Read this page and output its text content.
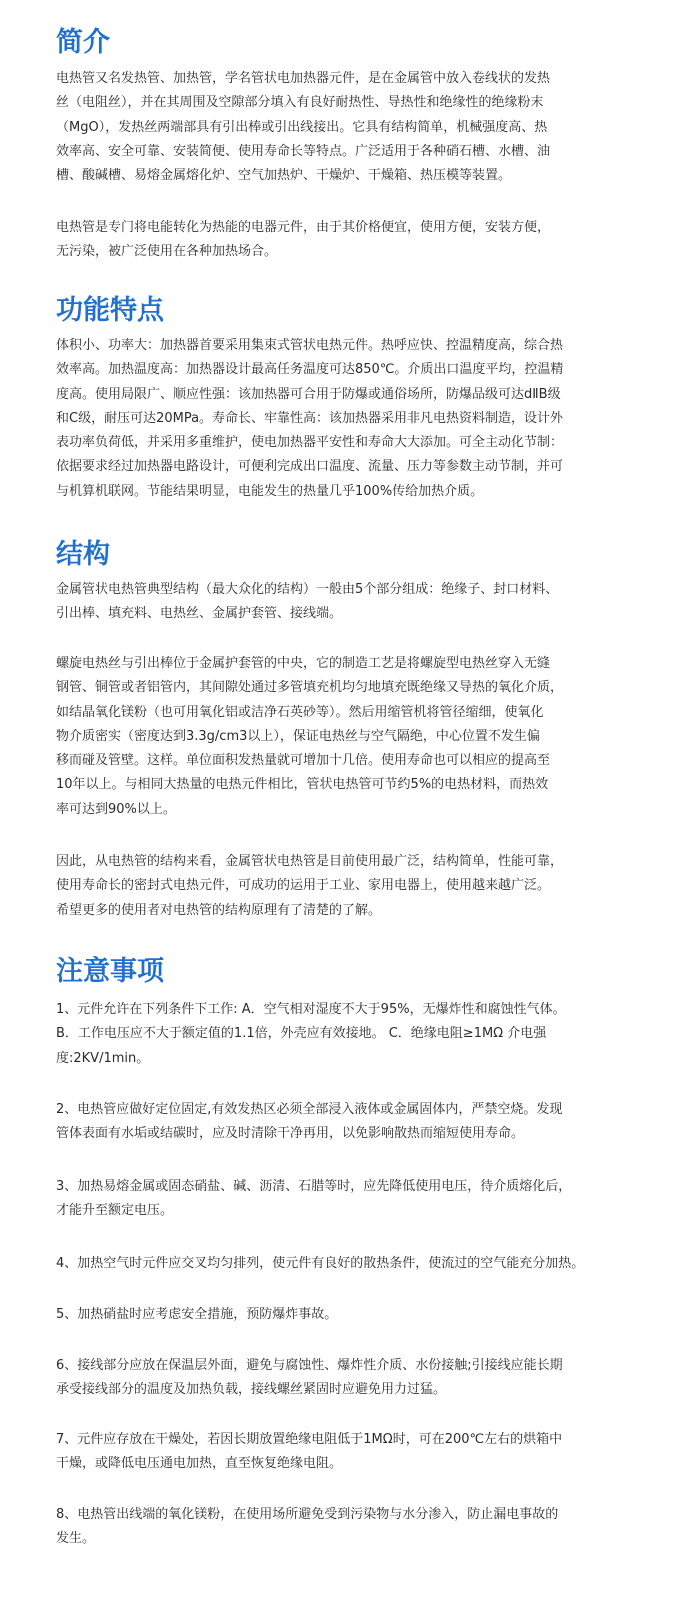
简介

电热管又名发热管、加热管，学名管状电加热器元件，是在金属管中放入卷线状的发热
丝（电阻丝），并在其周围及空隙部分填入有良好耐热性、导热性和绝缘性的绝缘粉末
（MgO），发热丝两端部具有引出棒或引出线接出。它具有结构简单，机械强度高、热
效率高、安全可靠、安装简便、使用寿命长等特点。广泛适用于各种硝石槽、水槽、油
槽、酸碱槽、易熔金属熔化炉、空气加热炉、干燥炉、干燥箱、热压模等装置。

电热管是专门将电能转化为热能的电器元件，由于其价格便宜，使用方便，安装方便，
无污染，被广泛使用在各种加热场合。

功能特点

体积小、功率大：加热器首要采用集束式管状电热元件。热呼应快、控温精度高，综合热
效率高。加热温度高：加热器设计最高任务温度可达850℃。介质出口温度平均，控温精
度高。使用局限广、顺应性强：该加热器可合用于防爆或通俗场所，防爆品级可达dⅡB级
和C级，耐压可达20MPa。寿命长、牢靠性高：该加热器采用非凡电热资料制造，设计外
表功率负荷低，并采用多重维护，使电加热器平安性和寿命大大添加。可全主动化节制：
依据要求经过加热器电路设计，可便利完成出口温度、流量、压力等参数主动节制，并可
与机算机联网。节能结果明显，电能发生的热量几乎100%传给加热介质。

结构

金属管状电热管典型结构（最大众化的结构）一般由5个部分组成：绝缘子、封口材料、
引出棒、填充料、电热丝、金属护套管、接线端。

螺旋电热丝与引出棒位于金属护套管的中央，它的制造工艺是将螺旋型电热丝穿入无缝
钢管、铜管或者铝管内，其间隙处通过多管填充机均匀地填充既绝缘又导热的氧化介质，
如结晶氧化镁粉（也可用氧化铝或洁净石英砂等）。然后用缩管机将管径缩细，使氧化
物介质密实（密度达到3.3g/cm3以上），保证电热丝与空气隔绝，中心位置不发生偏
移而碰及管壁。这样。单位面积发热量就可增加十几倍。使用寿命也可以相应的提高至
10年以上。与相同大热量的电热元件相比，管状电热管可节约5%的电热材料，而热效
率可达到90%以上。

因此，从电热管的结构来看，金属管状电热管是目前使用最广泛，结构简单，性能可靠，
使用寿命长的密封式电热元件，可成功的运用于工业、家用电器上，使用越来越广泛。
希望更多的使用者对电热管的结构原理有了清楚的了解。

注意事项

1、元件允许在下列条件下工作: A．空气相对湿度不大于95%，无爆炸性和腐蚀性气体。
B．工作电压应不大于额定值的1.1倍，外壳应有效接地。 C．绝缘电阻≥1MΩ 介电强
度:2KV/1min。

2、电热管应做好定位固定,有效发热区必须全部浸入液体或金属固体内，严禁空烧。发现
管体表面有水垢或结碳时，应及时清除干净再用，以免影响散热而缩短使用寿命。

3、加热易熔金属或固态硝盐、碱、沥清、石腊等时，应先降低使用电压，待介质熔化后，
才能升至额定电压。

4、加热空气时元件应交叉均匀排列，使元件有良好的散热条件，使流过的空气能充分加热。

5、加热硝盐时应考虑安全措施，预防爆炸事故。

6、接线部分应放在保温层外面，避免与腐蚀性、爆炸性介质、水份接触;引接线应能长期
承受接线部分的温度及加热负载，接线螺丝紧固时应避免用力过猛。

7、元件应存放在干燥处，若因长期放置绝缘电阻低于1MΩ时，可在200℃左右的烘箱中
干燥，或降低电压通电加热，直至恢复绝缘电阻。

8、电热管出线端的氧化镁粉，在使用场所避免受到污染物与水分渗入，防止漏电事故的
发生。
